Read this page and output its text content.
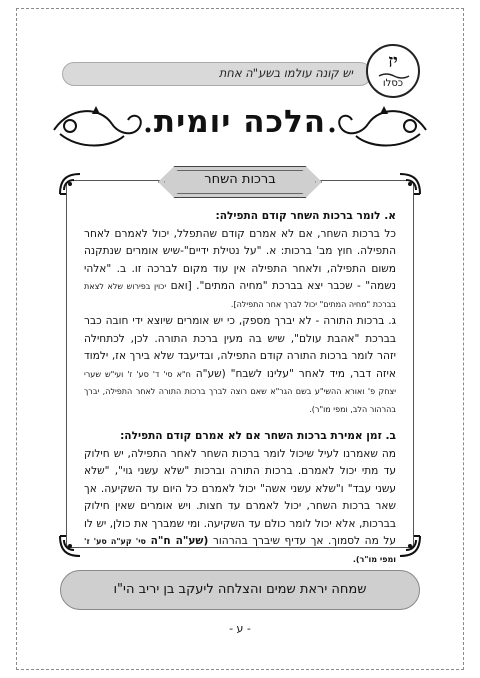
יש קונה עולמו בשע"ה אחת
יז
כסלו
הלכה יומית
ברכות השחר

א. לומר ברכות השחר קודם התפילה:

כל ברכות השחר, אם לא אמרם קודם שהתפלל, יכול לאמרם לאחר התפילה. חוץ מב' ברכות: א. "על נטילת ידיים"-שיש אומרים שנתקנה משום התפילה, ולאחר התפילה אין עוד מקום לברכה זו. ב. "אלהי נשמה" - שכבר יצא בברכת "מחיה המתים". [ואם יכוין בפירוש שלא לצאת בברכת "מחיה המתים" יכול לברך אחר התפילה].

ג. ברכות התורה - לא יברך מספק, כי יש אומרים שיוצא ידי חובה כבר בברכת "אהבת עולם", שיש בה מעין ברכת התורה. לכן, לכתחילה יזהר לומר ברכות התורה קודם התפילה, ובדיעבד שלא בירך אז, ילמוד איזה דבר, מיד לאחר "עלינו לשבח" (שע"ה ח"א סי' ד' סע' ז' ועי"ש שערי יצחק פ' ואורא ההשי"ע בשם הגר"א שאם רוצה לברך ברכות התורה לאחר התפילה, יברך בהרהור הלב, ומפי מו"ר).

ב. זמן אמירת ברכות השחר אם לא אמרם קודם התפילה:

מה שאמרנו לעיל שיכול לומר ברכות השחר לאחר התפילה, יש חילוק עד מתי יכול לאמרם. ברכות התורה וברכות "שלא עשני גוי", "שלא עשני עבד" ו"שלא עשני אשה" יכול לאמרם כל היום עד השקיעה. אך שאר ברכות השחר, יכול לאמרם עד חצות. ויש אומרים שאין חילוק בברכות, אלא יכול לומר כולם עד השקיעה. ומי שמברך את כולן, יש לו על מה לסמוך. אך עדיף שיברך בהרהור (שע"ה ח"ה סי' קע"ה סע' ז' ומפי מו"ר).

שמחה יראת שמים והצלחה ליעקב בן יריב הי"ו
- ע -
